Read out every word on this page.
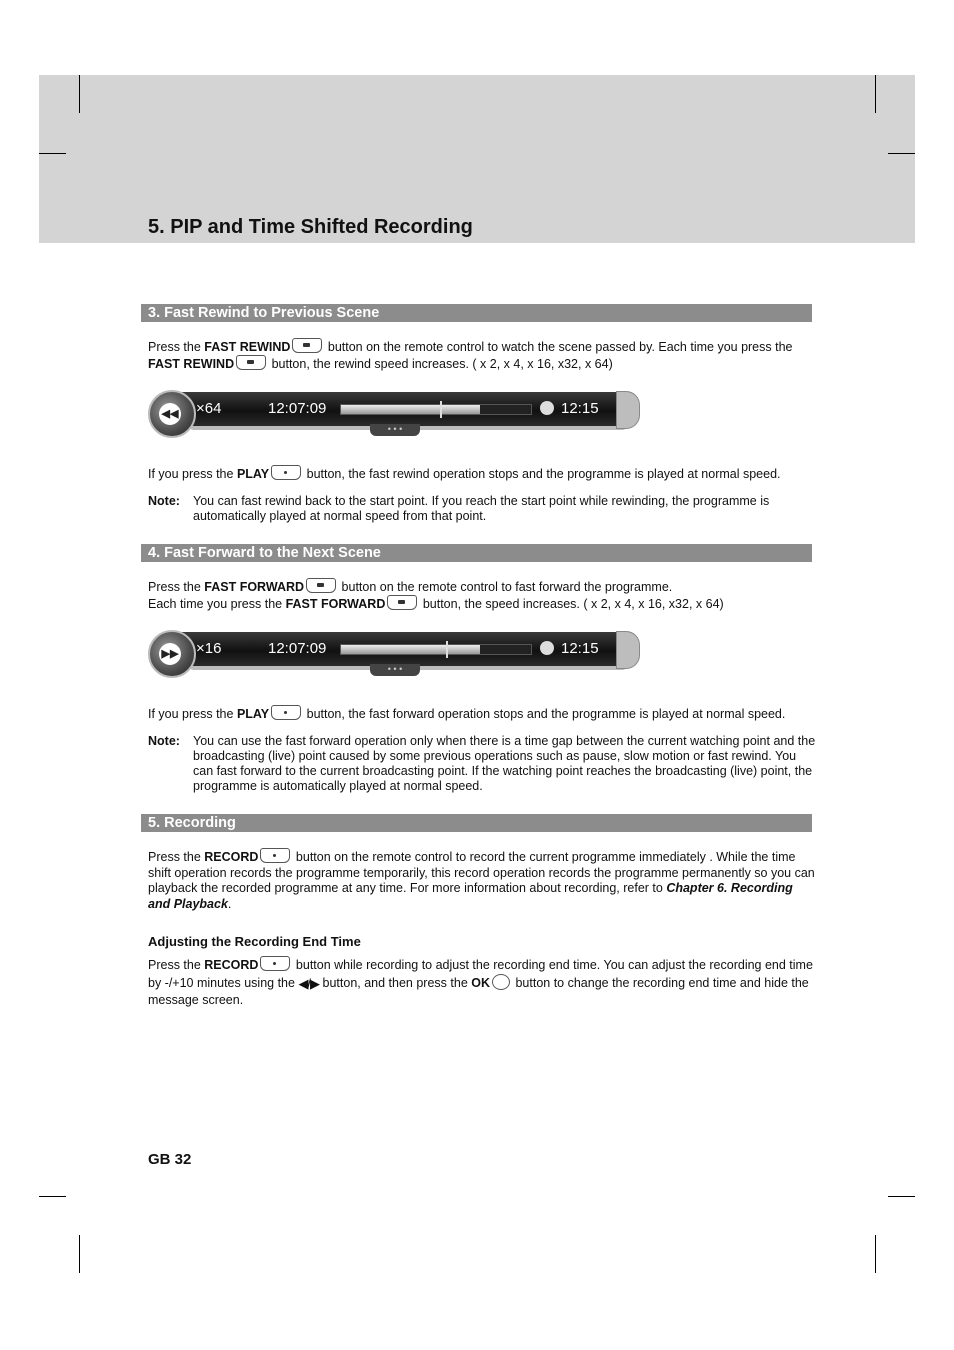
5. PIP and Time Shifted Recording
3. Fast Rewind to Previous Scene
Press the FAST REWIND	button on the remote control to watch the scene passed by. Each time you press the FAST REWIND	button, the rewind speed increases. ( x 2, x 4, x 16, x32, x 64)
◀◀ ×64	12:07:09	12:15
• • •
If you press the PLAY	button, the fast rewind operation stops and the programme is played at normal speed.
Note: You can fast rewind back to the start point. If you reach the start point while rewinding, the programme is automatically played at normal speed from that point.
4. Fast Forward to the Next Scene
Press the FAST FORWARD	button on the remote control to fast forward the programme.
Each time you press the FAST FORWARD	button, the speed increases. ( x 2, x 4, x 16, x32, x 64)
▶▶ ×16	12:07:09	12:15
• • •
If you press the PLAY	button, the fast forward operation stops and the programme is played at normal speed.
Note: You can use the fast forward operation only when there is a time gap between the current watching point and the broadcasting (live) point caused by some previous operations such as pause, slow motion or fast rewind. You can fast forward to the current broadcasting point. If the watching point reaches the broadcasting (live) point, the programme is automatically played at normal speed.
5. Recording
Press the RECORD	button on the remote control to record the current programme immediately . While the time shift operation records the programme temporarily, this record operation records the programme permanently so you can playback the recorded programme at any time. For more information about recording, refer to Chapter 6. Recording and Playback.
Adjusting the Recording End Time
Press the RECORD	button while recording to adjust the recording end time. You can adjust the recording end time by -/+10 minutes using the ◀/▶ button, and then press the OK button to change the recording end time and hide the message screen.
GB 32
